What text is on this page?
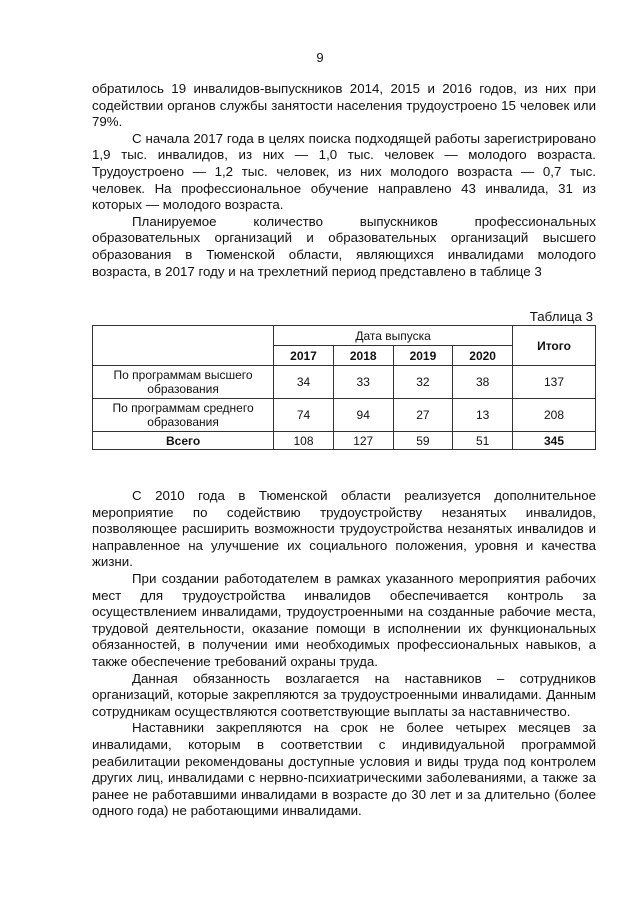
9

обратилось 19 инвалидов-выпускников 2014, 2015 и 2016 годов, из них при содействии органов службы занятости населения трудоустроено 15 человек или 79%.

С начала 2017 года в целях поиска подходящей работы зарегистрировано 1,9 тыс. инвалидов, из них — 1,0 тыс. человек — молодого возраста. Трудоустроено — 1,2 тыс. человек, из них молодого возраста — 0,7 тыс. человек. На профессиональное обучение направлено 43 инвалида, 31 из которых — молодого возраста.

Планируемое количество выпускников профессиональных образовательных организаций и образовательных организаций высшего образования в Тюменской области, являющихся инвалидами молодого возраста, в 2017 году и на трехлетний период представлено в таблице 3

Таблица 3
	Дата выпуска				Итого
	2017	2018	2019	2020	
По программам высшего образования	34	33	32	38	137
По программам среднего образования	74	94	27	13	208
Всего	108	127	59	51	345

С 2010 года в Тюменской области реализуется дополнительное мероприятие по содействию трудоустройству незанятых инвалидов, позволяющее расширить возможности трудоустройства незанятых инвалидов и направленное на улучшение их социального положения, уровня и качества жизни.

При создании работодателем в рамках указанного мероприятия рабочих мест для трудоустройства инвалидов обеспечивается контроль за осуществлением инвалидами, трудоустроенными на созданные рабочие места, трудовой деятельности, оказание помощи в исполнении их функциональных обязанностей, в получении ими необходимых профессиональных навыков, а также обеспечение требований охраны труда.

Данная обязанность возлагается на наставников – сотрудников организаций, которые закрепляются за трудоустроенными инвалидами. Данным сотрудникам осуществляются соответствующие выплаты за наставничество.

Наставники закрепляются на срок не более четырех месяцев за инвалидами, которым в соответствии с индивидуальной программой реабилитации рекомендованы доступные условия и виды труда под контролем других лиц, инвалидами с нервно-психиатрическими заболеваниями, а также за ранее не работавшими инвалидами в возрасте до 30 лет и за длительно (более одного года) не работающими инвалидами.
